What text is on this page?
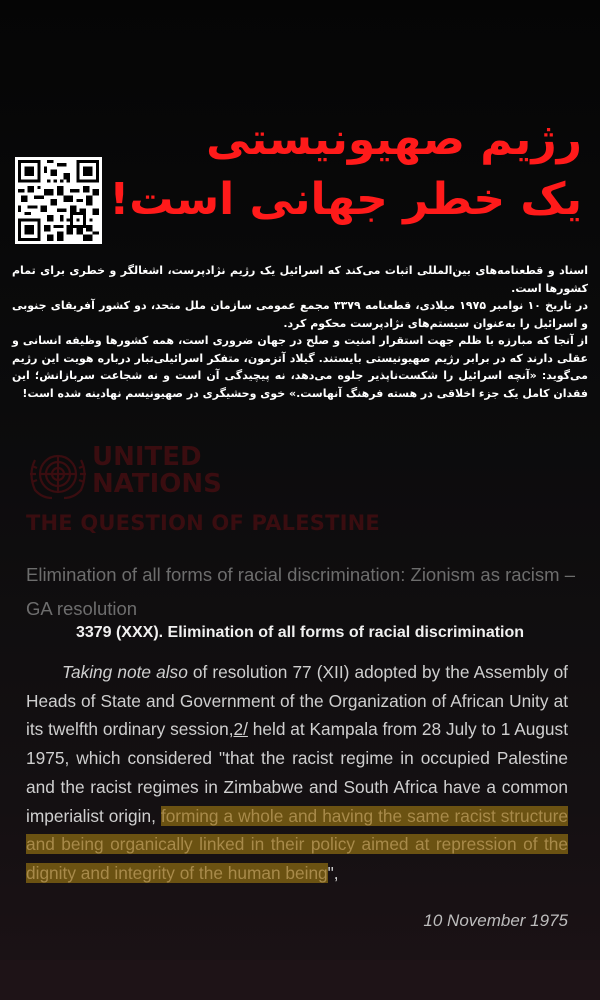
رژیم صهیونیستی
یک خطر جهانی است!

اسناد و قطعنامه‌های بین‌المللی اثبات می‌کند که اسرائیل یک رژیم نژادپرست، اشغالگر و خطری برای تمام کشورها است.

در تاریخ ۱۰ نوامبر ۱۹۷۵ میلادی، قطعنامه ۳۳۷۹ مجمع عمومی سازمان ملل متحد، دو کشور آفریقای جنوبی و اسرائیل را به‌عنوان سیستم‌های نژادپرست محکوم کرد.

از آنجا که مبارزه با ظلم جهت استقرار امنیت و صلح در جهان ضروری است، همه کشورها وظیفه انسانی و عقلی دارند که در برابر رژیم صهیونیستی بایستند. گیلاد آتزمون، متفکر اسرائیلی‌تبار درباره هویت این رژیم می‌گوید: «آنچه اسرائیل را شکست‌ناپذیر جلوه می‌دهد، نه پیچیدگی آن است و نه شجاعت سربازانش؛ این فقدان کامل یک جزء اخلاقی در هسته فرهنگ آنهاست.» خوی وحشیگری در صهیونیسم نهادینه شده است!

UNITED
NATIONS
THE QUESTION OF PALESTINE
Elimination of all forms of racial discrimination: Zionism as racism – GA resolution
3379 (XXX). Elimination of all forms of racial discrimination
Taking note also of resolution 77 (XII) adopted by the Assembly of Heads of State and Government of the Organization of African Unity at its twelfth ordinary session,2/ held at Kampala from 28 July to 1 August 1975, which considered "that the racist regime in occupied Palestine and the racist regimes in Zimbabwe and South Africa have a common imperialist origin, forming a whole and having the same racist structure and being organically linked in their policy aimed at repression of the dignity and integrity of the human being",
10 November 1975
